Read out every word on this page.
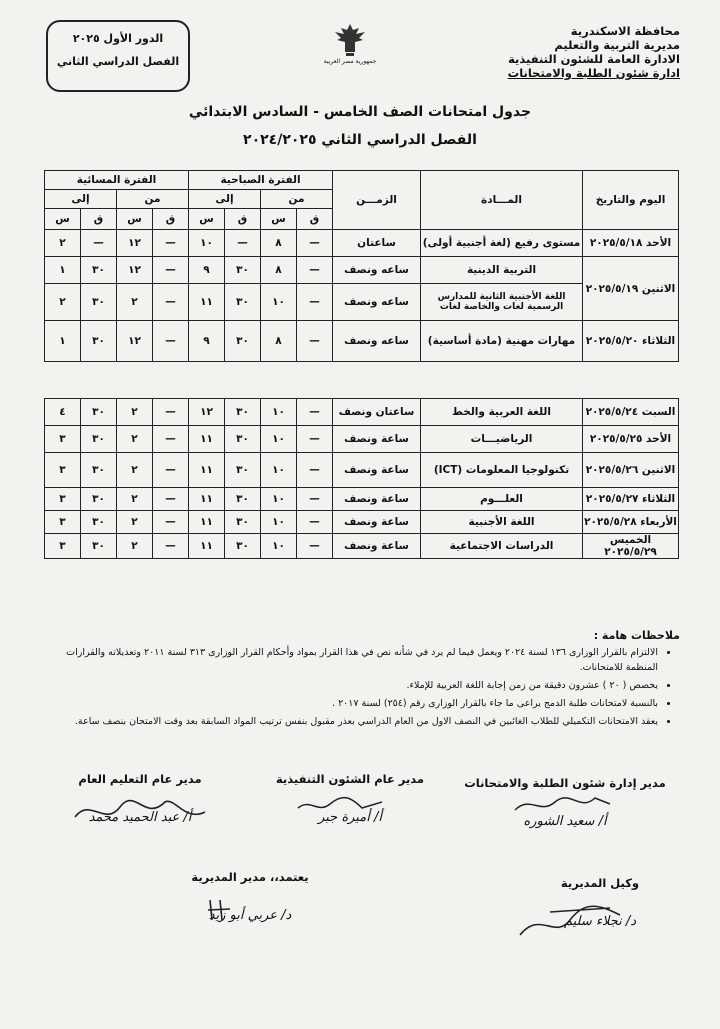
الدور الأول ٢٠٢٥
الفصل الدراسي الثاني	جمهورية مصر العربية
محافظة الاسكندرية
مديرية التربية والتعليم
الادارة العامة للشئون التنفيذية
ادارة شئون الطلبة والامتحانات
جدول امتحانات الصف الخامس - السادس الابتدائي
الفصل الدراسي الثاني ٢٠٢٤/٢٠٢٥
اليوم والتاريخ	المـــادة	الزمـــن	الفترة الصباحية				الفترة المسائية			
			من		إلى		من		إلى	
			ق	س	ق	س	ق	س	ق	س
الأحد ٢٠٢٥/٥/١٨	مستوى رفيع (لغة أجنبية أولى)	ساعتان	—	٨	—	١٠	—	١٢	—	٢
الاثنين ٢٠٢٥/٥/١٩	التربية الدينية	ساعه ونصف	—	٨	٣٠	٩	—	١٢	٣٠	١
	اللغة الأجنبية الثانية للمدارس الرسمية لغات والخاصة لغات	ساعه ونصف	—	١٠	٣٠	١١	—	٢	٣٠	٢
الثلاثاء ٢٠٢٥/٥/٢٠	مهارات مهنية (مادة أساسية)	ساعه ونصف	—	٨	٣٠	٩	—	١٢	٣٠	١

السبت ٢٠٢٥/٥/٢٤	اللغة العربية والخط	ساعتان ونصف	—	١٠	٣٠	١٢	—	٢	٣٠	٤
الأحد ٢٠٢٥/٥/٢٥	الرياضيـــات	ساعة ونصف	—	١٠	٣٠	١١	—	٢	٣٠	٣
الاثنين ٢٠٢٥/٥/٢٦	تكنولوجيا المعلومات (ICT)	ساعة ونصف	—	١٠	٣٠	١١	—	٢	٣٠	٣
الثلاثاء ٢٠٢٥/٥/٢٧	العلـــوم	ساعة ونصف	—	١٠	٣٠	١١	—	٢	٣٠	٣
الأربعاء ٢٠٢٥/٥/٢٨	اللغة الأجنبية	ساعة ونصف	—	١٠	٣٠	١١	—	٢	٣٠	٣
الخميس ٢٠٢٥/٥/٢٩	الدراسات الاجتماعية	ساعة ونصف	—	١٠	٣٠	١١	—	٢	٣٠	٣
ملاحظات هامة :
• الالتزام بالقرار الوزارى ١٣٦ لسنة ٢٠٢٤ ويعمل فيما لم يرد في شأنه نص في هذا القرار بمواد وأحكام القرار الوزارى ٣١٣ لسنة ٢٠١١ وتعديلاته والقرارات المنظمة للامتحانات.
• يخصص ( ٢٠ ) عشرون دقيقة من زمن إجابة اللغة العربية للإملاء.
• بالنسبة لامتحانات طلبة الدمج يراعى ما جاء بالقرار الوزارى رقم (٢٥٤) لسنة ٢٠١٧ .
• يعقد الامتحانات التكميلي للطلاب الغائبين في النصف الاول من العام الدراسي بعذر مقبول بنفس ترتيب المواد السابقة بعد وقت الامتحان بنصف ساعة.
مدير إدارة شئون الطلبة والامتحانات
أ/ سعيد الشوره
مدير عام الشئون التنفيذية
أ/ أميرة جبر
مدير عام التعليم العام
أ/ عبد الحميد محمد
وكيل المديرية
د/ نجلاء سليم
يعتمد،، مدير المديرية
د/ عربي أبو زيد
